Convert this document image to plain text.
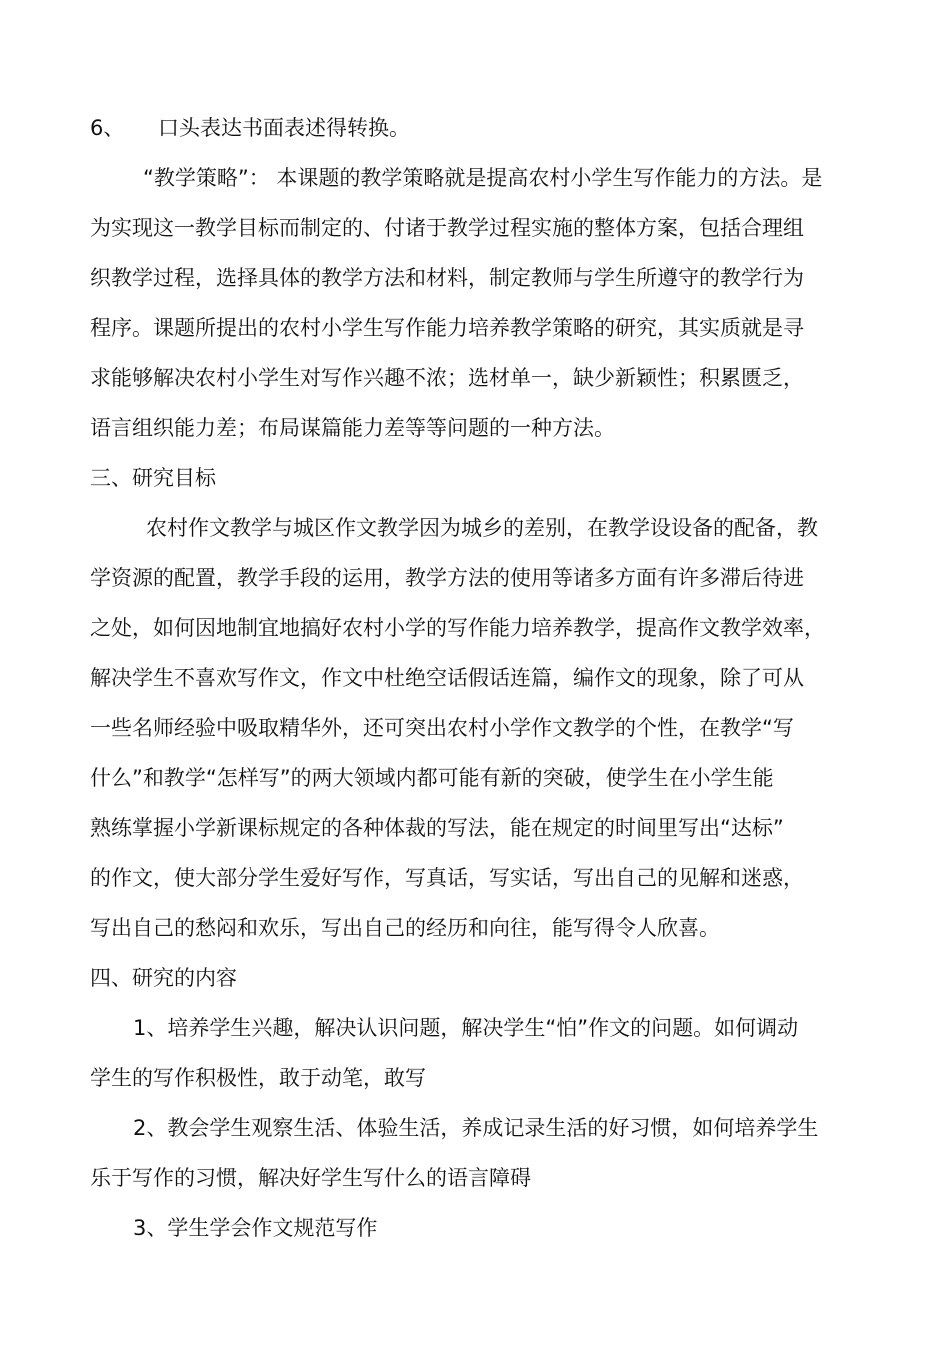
6、 口头表达书面表述得转换。
“教学策略”： 本课题的教学策略就是提高农村小学生写作能力的方法。是
为实现这一教学目标而制定的、付诸于教学过程实施的整体方案，包括合理组
织教学过程，选择具体的教学方法和材料，制定教师与学生所遵守的教学行为
程序。课题所提出的农村小学生写作能力培养教学策略的研究，其实质就是寻
求能够解决农村小学生对写作兴趣不浓；选材单一，缺少新颖性；积累匮乏，
语言组织能力差；布局谋篇能力差等等问题的一种方法。
三、研究目标
农村作文教学与城区作文教学因为城乡的差别，在教学设设备的配备，教
学资源的配置，教学手段的运用，教学方法的使用等诸多方面有许多滞后待进
之处，如何因地制宜地搞好农村小学的写作能力培养教学，提高作文教学效率，
解决学生不喜欢写作文，作文中杜绝空话假话连篇，编作文的现象，除了可从
一些名师经验中吸取精华外，还可突出农村小学作文教学的个性，在教学“写
什么”和教学“怎样写”的两大领域内都可能有新的突破，使学生在小学生能
熟练掌握小学新课标规定的各种体裁的写法，能在规定的时间里写出“达标”
的作文，使大部分学生爱好写作，写真话，写实话，写出自己的见解和迷惑，
写出自己的愁闷和欢乐，写出自己的经历和向往，能写得令人欣喜。
四、研究的内容
1、培养学生兴趣，解决认识问题，解决学生“怕”作文的问题。如何调动
学生的写作积极性，敢于动笔，敢写
2、教会学生观察生活、体验生活，养成记录生活的好习惯，如何培养学生
乐于写作的习惯，解决好学生写什么的语言障碍
3、学生学会作文规范写作
